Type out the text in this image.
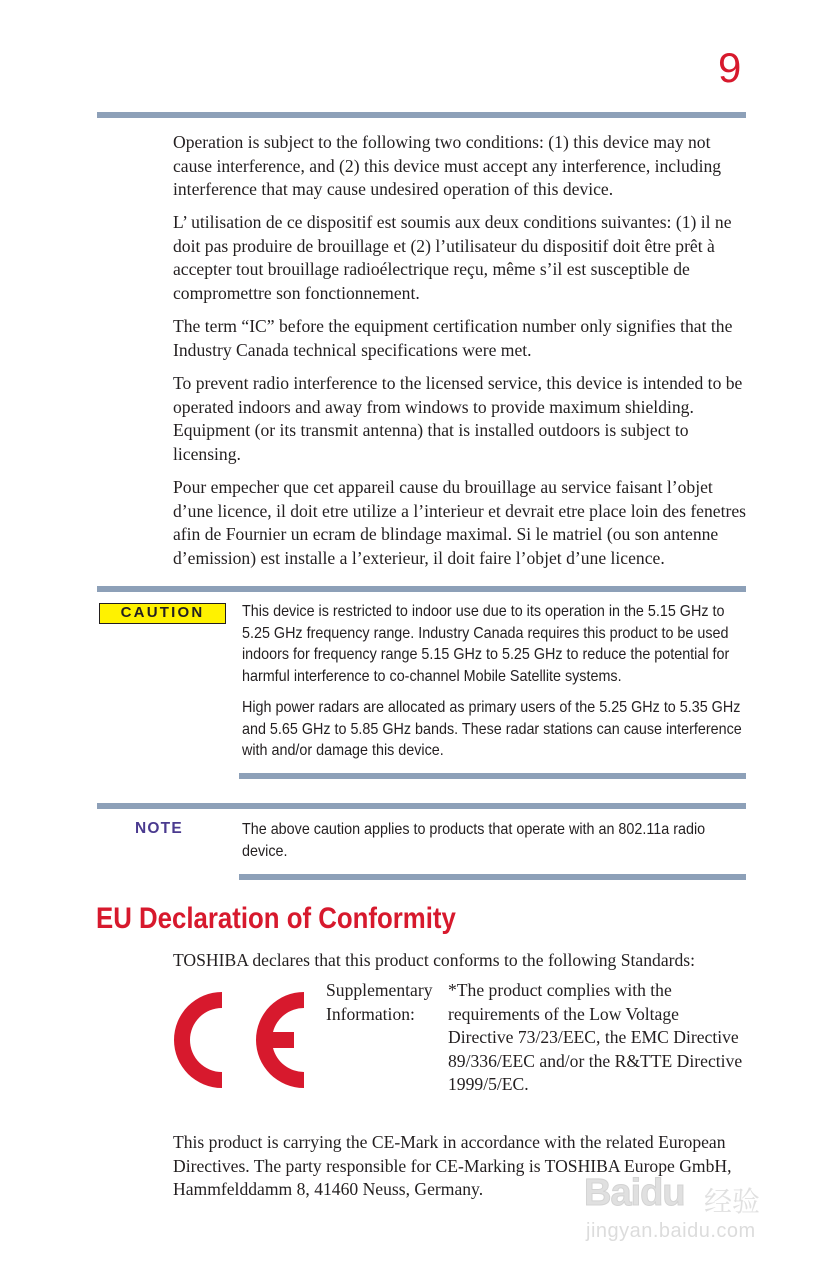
9

Operation is subject to the following two conditions: (1) this device may not cause interference, and (2) this device must accept any interference, including interference that may cause undesired operation of this device.

L’ utilisation de ce dispositif est soumis aux deux conditions suivantes: (1) il ne doit pas produire de brouillage et (2) l’utilisateur du dispositif doit être prêt à accepter tout brouillage radioélectrique reçu, même s’il est susceptible de compromettre son fonctionnement.

The term “IC” before the equipment certification number only signifies that the Industry Canada technical specifications were met.

To prevent radio interference to the licensed service, this device is intended to be operated indoors and away from windows to provide maximum shielding. Equipment (or its transmit antenna) that is installed outdoors is subject to licensing.

Pour empecher que cet appareil cause du brouillage au service faisant l’objet d’une licence, il doit etre utilize a l’interieur et devrait etre place loin des fenetres afin de Fournier un ecram de blindage maximal. Si le matriel (ou son antenne d’emission) est installe a l’exterieur, il doit faire l’objet d’une licence.

CAUTION	This device is restricted to indoor use due to its operation in the 5.15 GHz to 5.25 GHz frequency range. Industry Canada requires this product to be used indoors for frequency range 5.15 GHz to 5.25 GHz to reduce the potential for harmful interference to co-channel Mobile Satellite systems.

High power radars are allocated as primary users of the 5.25 GHz to 5.35 GHz and 5.65 GHz to 5.85 GHz bands. These radar stations can cause interference with and/or damage this device.

NOTE	The above caution applies to products that operate with an 802.11a radio device.

EU Declaration of Conformity

TOSHIBA declares that this product conforms to the following Standards:

Supplementary Information:
*The product complies with the requirements of the Low Voltage Directive 73/23/EEC, the EMC Directive 89/336/EEC and/or the R&TTE Directive 1999/5/EC.

This product is carrying the CE-Mark in accordance with the related European Directives. The party responsible for CE-Marking is TOSHIBA Europe GmbH, Hammfelddamm 8, 41460 Neuss, Germany.	Baidu 经验
jingyan.baidu.com
